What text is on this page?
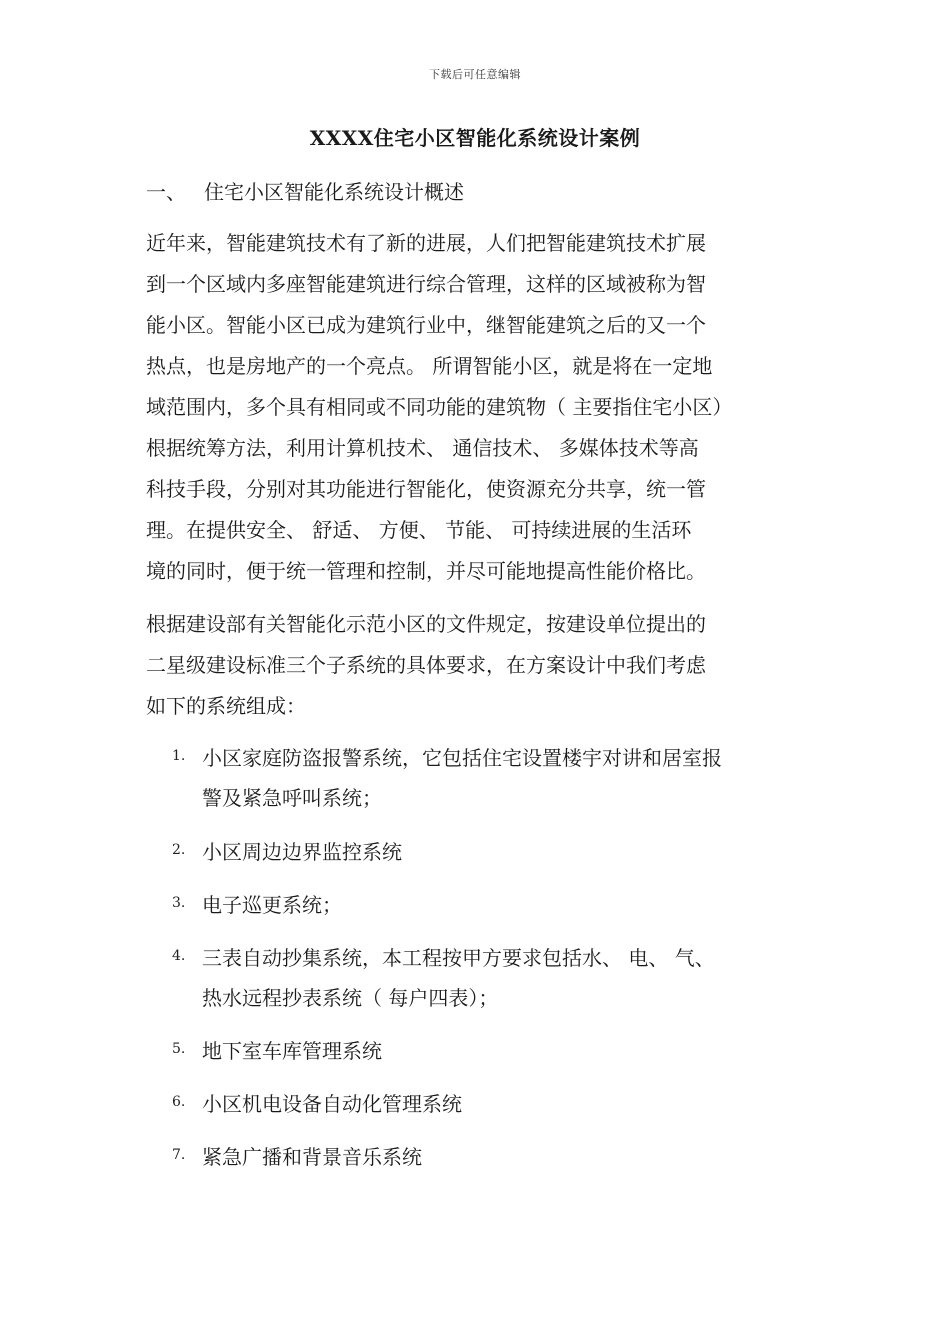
下载后可任意编辑
XXXX住宅小区智能化系统设计案例
一、 住宅小区智能化系统设计概述

近年来，智能建筑技术有了新的进展，人们把智能建筑技术扩展
到一个区域内多座智能建筑进行综合管理，这样的区域被称为智
能小区。智能小区已成为建筑行业中，继智能建筑之后的又一个
热点，也是房地产的一个亮点。 所谓智能小区，就是将在一定地
域范围内，多个具有相同或不同功能的建筑物（ 主要指住宅小区）
根据统筹方法，利用计算机技术、 通信技术、 多媒体技术等高
科技手段，分别对其功能进行智能化，使资源充分共享，统一管
理。在提供安全、 舒适、 方便、 节能、 可持续进展的生活环
境的同时，便于统一管理和控制，并尽可能地提高性能价格比。

根据建设部有关智能化示范小区的文件规定，按建设单位提出的
二星级建设标准三个子系统的具体要求，在方案设计中我们考虑
如下的系统组成：

1. 小区家庭防盗报警系统，它包括住宅设置楼宇对讲和居室报
警及紧急呼叫系统；
2. 小区周边边界监控系统
3. 电子巡更系统；
4. 三表自动抄集系统，本工程按甲方要求包括水、 电、 气、
热水远程抄表系统（ 每户四表）；
5. 地下室车库管理系统
6. 小区机电设备自动化管理系统
7. 紧急广播和背景音乐系统
